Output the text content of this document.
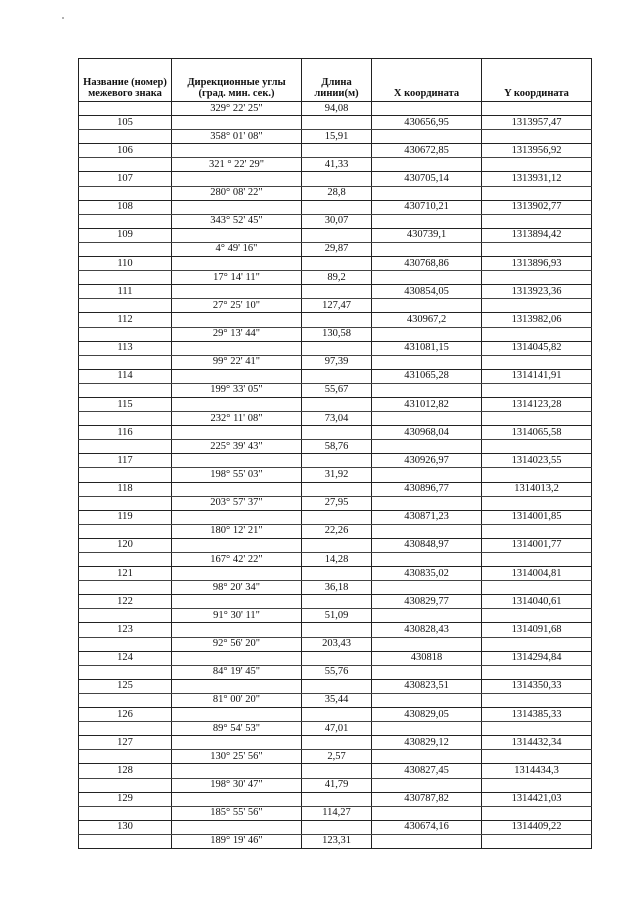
Название (номер) межевого знака	Дирекционные углы (град. мин. сек.)	Длина линии(м)	X координата	Y координата
	329° 22' 25"	94,08		
105			430656,95	1313957,47
	358° 01' 08"	15,91		
106			430672,85	1313956,92
	321 ° 22' 29"	41,33		
107			430705,14	1313931,12
	280° 08' 22"	28,8		
108			430710,21	1313902,77
	343° 52' 45"	30,07		
109			430739,1	1313894,42
	4° 49' 16"	29,87		
110			430768,86	1313896,93
	17° 14' 11"	89,2		
111			430854,05	1313923,36
	27° 25' 10"	127,47		
112			430967,2	1313982,06
	29° 13' 44"	130,58		
113			431081,15	1314045,82
	99° 22' 41"	97,39		
114			431065,28	1314141,91
	199° 33' 05"	55,67		
115			431012,82	1314123,28
	232° 11' 08"	73,04		
116			430968,04	1314065,58
	225° 39' 43"	58,76		
117			430926,97	1314023,55
	198° 55' 03"	31,92		
118			430896,77	1314013,2
	203° 57' 37"	27,95		
119			430871,23	1314001,85
	180° 12' 21"	22,26		
120			430848,97	1314001,77
	167° 42' 22"	14,28		
121			430835,02	1314004,81
	98° 20' 34"	36,18		
122			430829,77	1314040,61
	91° 30' 11"	51,09		
123			430828,43	1314091,68
	92° 56' 20"	203,43		
124			430818	1314294,84
	84° 19' 45"	55,76		
125			430823,51	1314350,33
	81° 00' 20"	35,44		
126			430829,05	1314385,33
	89° 54' 53"	47,01		
127			430829,12	1314432,34
	130° 25' 56"	2,57		
128			430827,45	1314434,3
	198° 30' 47"	41,79		
129			430787,82	1314421,03
	185° 55' 56"	114,27		
130			430674,16	1314409,22
	189° 19' 46"	123,31		
